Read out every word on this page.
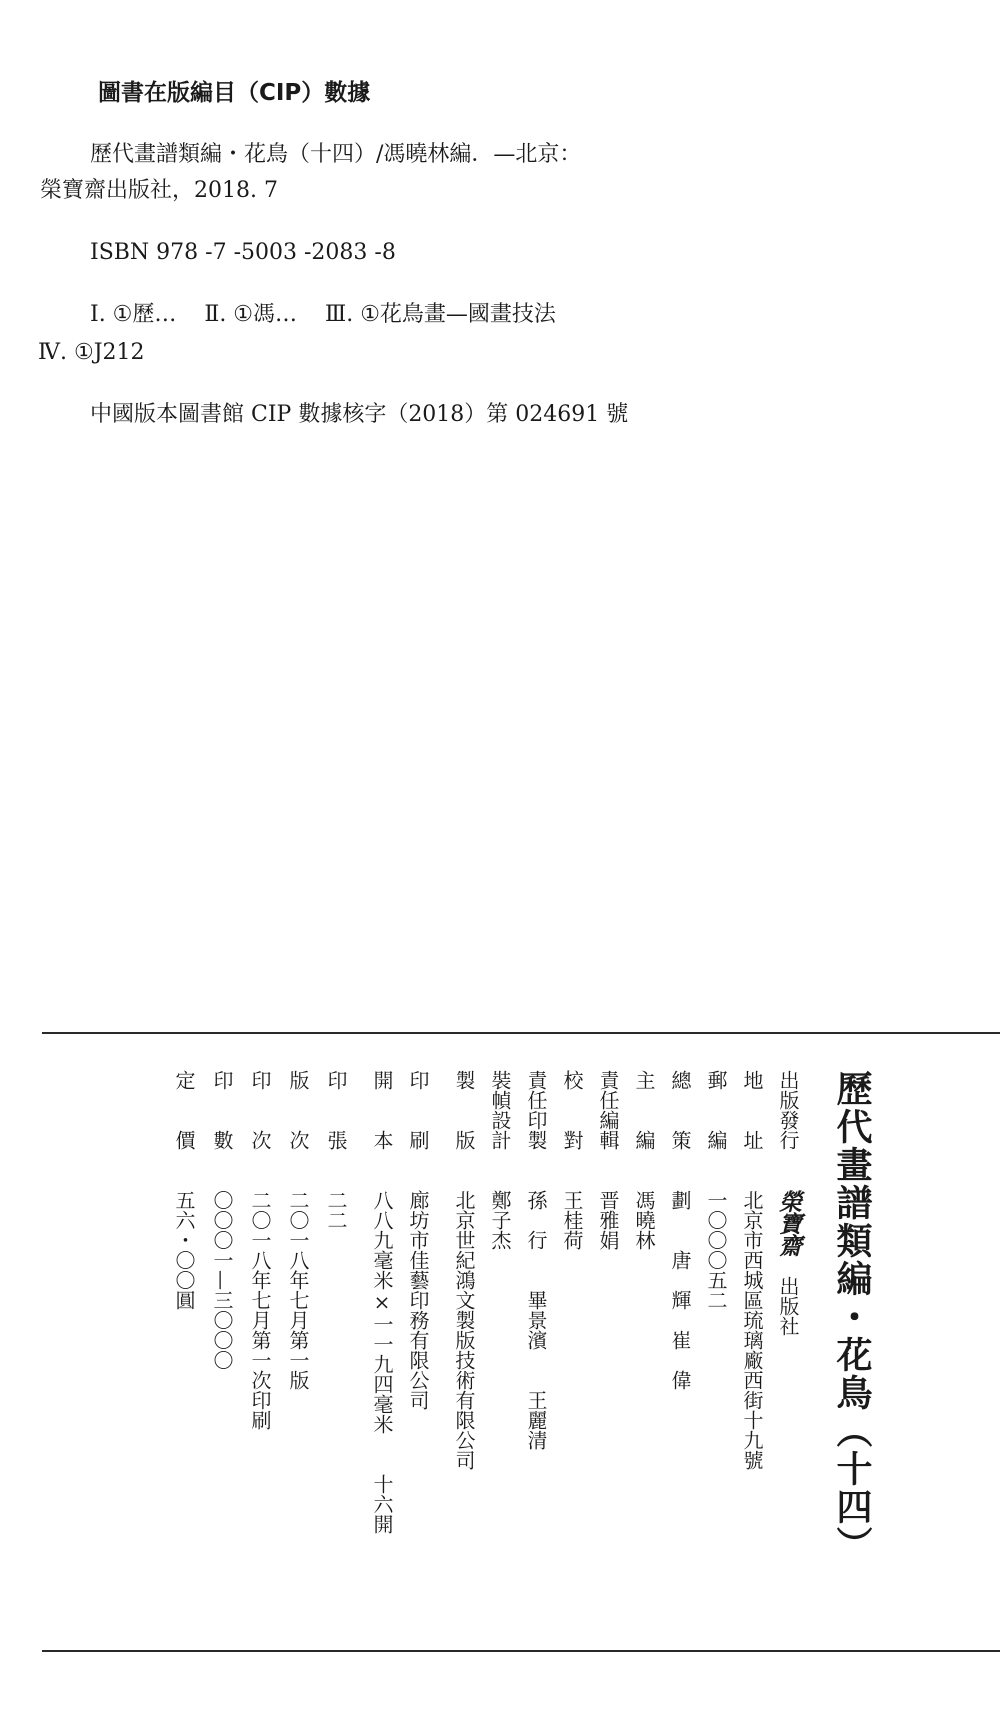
圖書在版編目（CIP）數據
歷代畫譜類編・花鳥（十四）/馮曉林編．—北京：
榮寶齋出版社，2018. 7
ISBN 978 -7 -5003 -2083 -8
Ⅰ. ①歷…    Ⅱ. ①馮…    Ⅲ. ①花鳥畫—國畫技法
Ⅳ. ①J212
中國版本圖書館 CIP 數據核字（2018）第 024691 號
歷代畫譜類編・花鳥（十四）
出版發行　　榮寶齋　出版社
地　　址　　北京市西城區琉璃廠西街十九號
郵　　編　　一〇〇〇五二
總　　策　　劃　　唐　輝　崔　偉
主　　編　　馮曉林
責任編輯　　晋雅娟
校　　對　　王桂荷
責任印製　　孫　行　　畢景濱　　王麗清
裝幀設計　　鄭子杰
製　　版　　北京世紀鴻文製版技術有限公司
印　　刷　　廊坊市佳藝印務有限公司
開　　本　　八八九毫米×一一九四毫米　　十六開
印　　張　　二二
版　　次　　二〇一八年七月第一版
印　　次　　二〇一八年七月第一次印刷
印　　數　　〇〇〇一—三〇〇〇
定　　價　　五六・〇〇圓
